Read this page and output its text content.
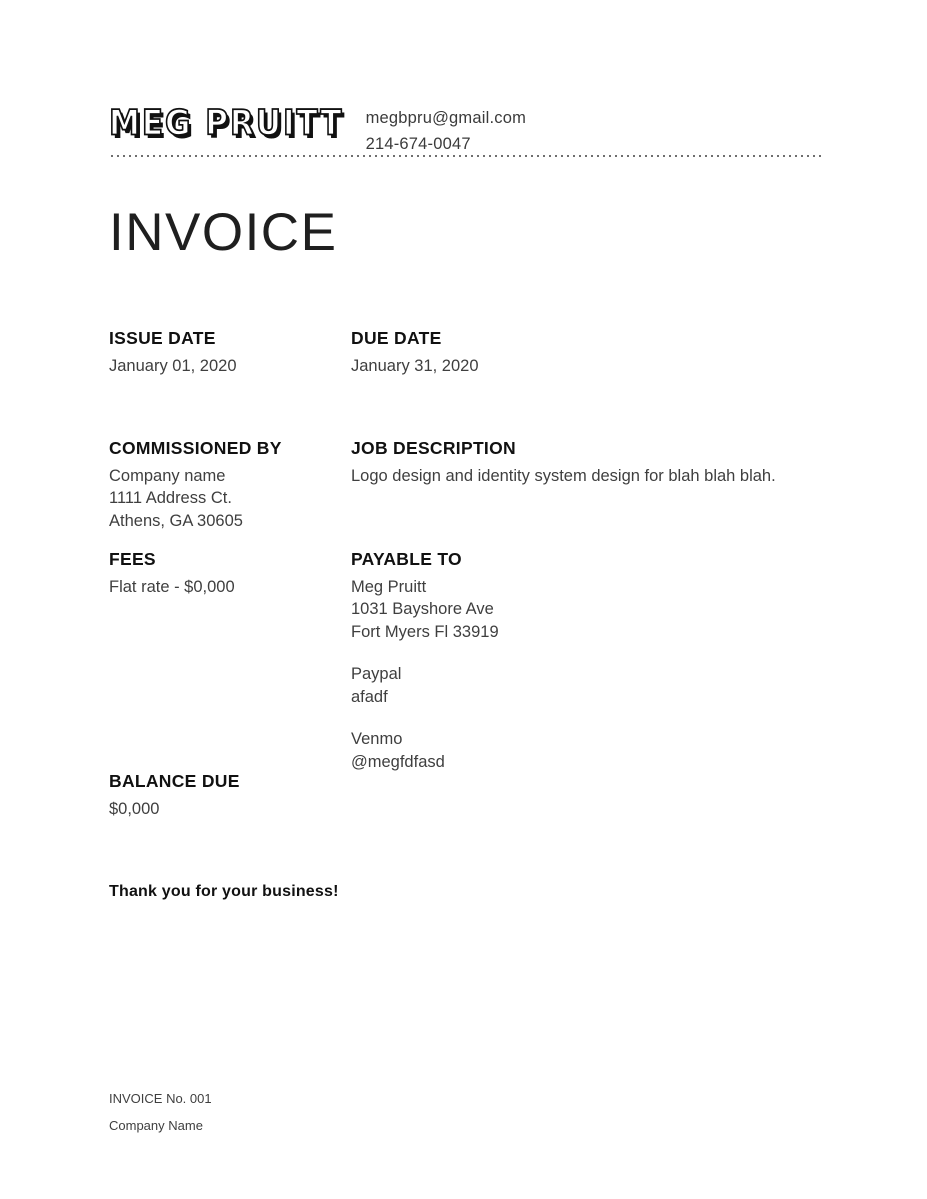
MEG PRUITT megbpru@gmail.com
214-674-0047
INVOICE
ISSUE DATE

January 01, 2020

DUE DATE

January 31, 2020

COMMISSIONED BY
Company name
1111 Address Ct.
Athens, GA 30605
JOB DESCRIPTION

Logo design and identity system design for blah blah blah.

FEES

Flat rate - $0,000

PAYABLE TO
Meg Pruitt
1031 Bayshore Ave
Fort Myers Fl 33919
Paypal
afadf
Venmo
@megfdfasd
BALANCE DUE

$0,000

Thank you for your business!
INVOICE No. 001
Company Name
